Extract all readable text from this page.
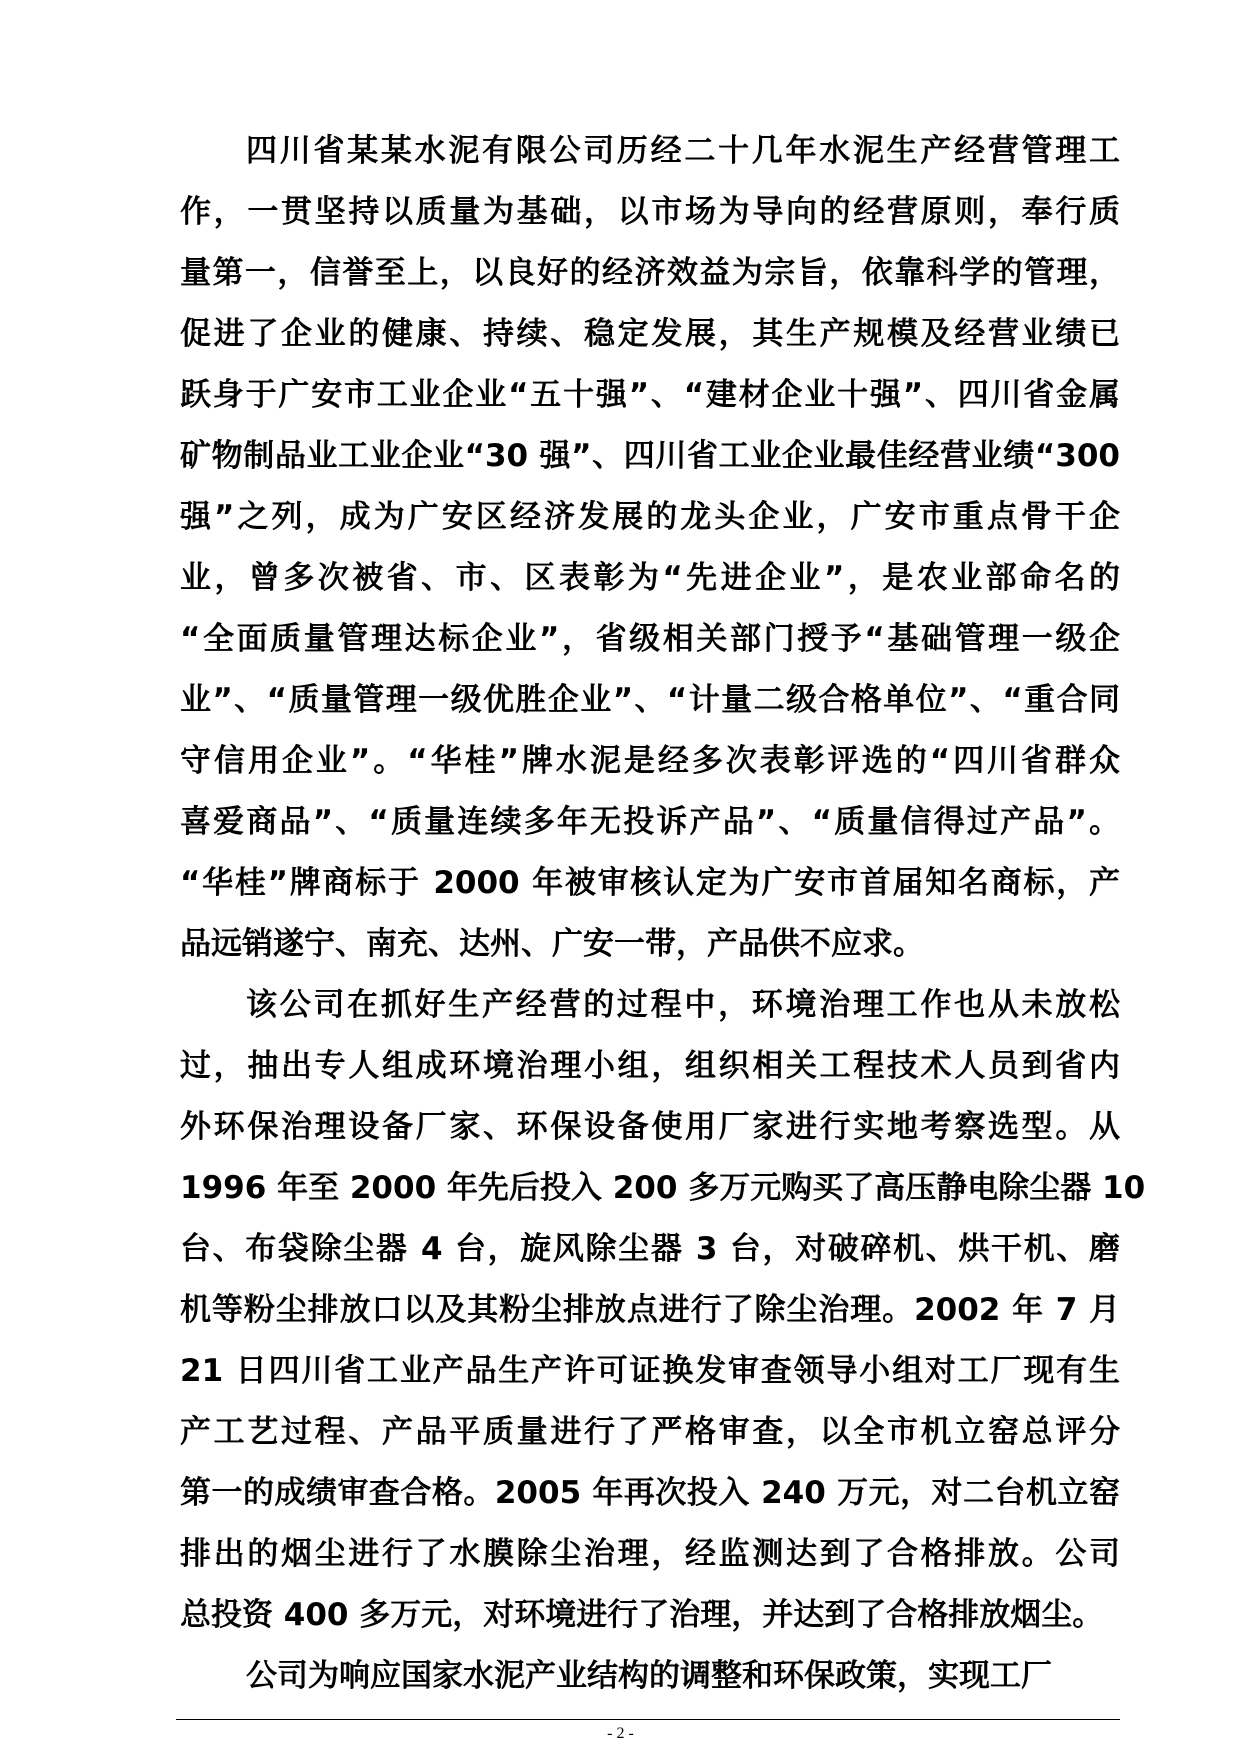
四川省某某水泥有限公司历经二十几年水泥生产经营管理工
作，一贯坚持以质量为基础，以市场为导向的经营原则，奉行质
量第一，信誉至上，以良好的经济效益为宗旨，依靠科学的管理，
促进了企业的健康、持续、稳定发展，其生产规模及经营业绩已
跃身于广安市工业企业“五十强”、“建材企业十强”、四川省金属
矿物制品业工业企业“30 强”、四川省工业企业最佳经营业绩“300
强”之列，成为广安区经济发展的龙头企业，广安市重点骨干企
业，曾多次被省、市、区表彰为“先进企业”，是农业部命名的
“全面质量管理达标企业”，省级相关部门授予“基础管理一级企
业”、“质量管理一级优胜企业”、“计量二级合格单位”、“重合同
守信用企业”。“华桂”牌水泥是经多次表彰评选的“四川省群众
喜爱商品”、“质量连续多年无投诉产品”、“质量信得过产品”。
“华桂”牌商标于 2000 年被审核认定为广安市首届知名商标，产
品远销遂宁、南充、达州、广安一带，产品供不应求。
该公司在抓好生产经营的过程中，环境治理工作也从未放松
过，抽出专人组成环境治理小组，组织相关工程技术人员到省内
外环保治理设备厂家、环保设备使用厂家进行实地考察选型。从
1996 年至 2000 年先后投入 200 多万元购买了高压静电除尘器 10
台、布袋除尘器 4 台，旋风除尘器 3 台，对破碎机、烘干机、磨
机等粉尘排放口以及其粉尘排放点进行了除尘治理。2002 年 7 月
21 日四川省工业产品生产许可证换发审查领导小组对工厂现有生
产工艺过程、产品平质量进行了严格审查，以全市机立窑总评分
第一的成绩审查合格。2005 年再次投入 240 万元，对二台机立窑
排出的烟尘进行了水膜除尘治理，经监测达到了合格排放。公司
总投资 400 多万元，对环境进行了治理，并达到了合格排放烟尘。
公司为响应国家水泥产业结构的调整和环保政策，实现工厂
- 2 -
